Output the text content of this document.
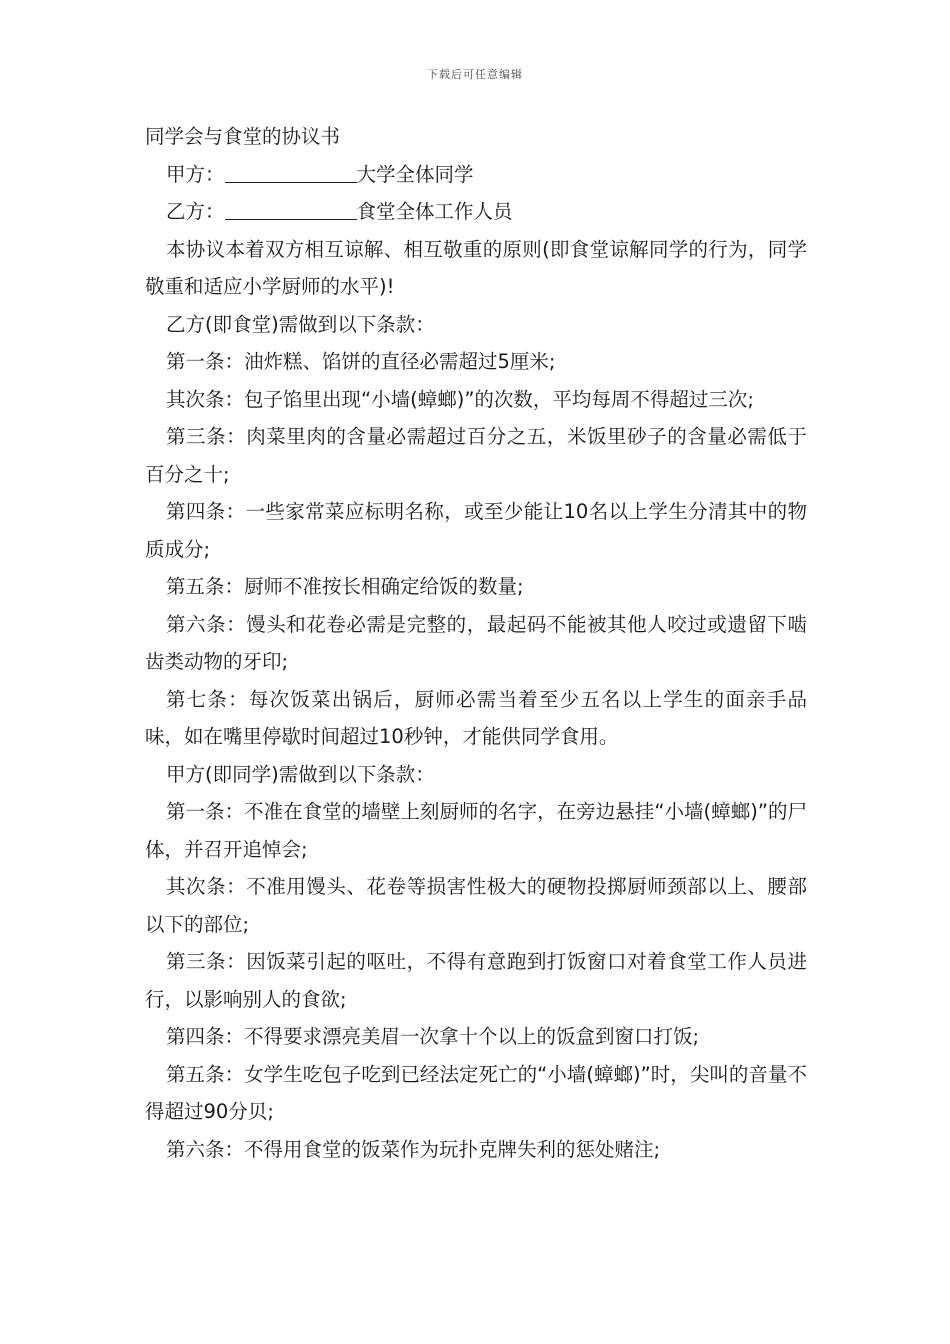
下载后可任意编辑

同学会与食堂的协议书

甲方：	大学全体同学

乙方：	食堂全体工作人员

本协议本着双方相互谅解、相互敬重的原则(即食堂谅解同学的行为，同学敬重和适应小学厨师的水平)!

乙方(即食堂)需做到以下条款：

第一条：油炸糕、馅饼的直径必需超过5厘米;

其次条：包子馅里出现“小墙(蟑螂)”的次数，平均每周不得超过三次;

第三条：肉菜里肉的含量必需超过百分之五，米饭里砂子的含量必需低于百分之十;

第四条：一些家常菜应标明名称，或至少能让10名以上学生分清其中的物质成分;

第五条：厨师不准按长相确定给饭的数量;

第六条：馒头和花卷必需是完整的，最起码不能被其他人咬过或遗留下啮齿类动物的牙印;

第七条：每次饭菜出锅后，厨师必需当着至少五名以上学生的面亲手品味，如在嘴里停歇时间超过10秒钟，才能供同学食用。

甲方(即同学)需做到以下条款：

第一条：不准在食堂的墙壁上刻厨师的名字，在旁边悬挂“小墙(蟑螂)”的尸体，并召开追悼会;

其次条：不准用馒头、花卷等损害性极大的硬物投掷厨师颈部以上、腰部以下的部位;

第三条：因饭菜引起的呕吐，不得有意跑到打饭窗口对着食堂工作人员进行，以影响别人的食欲;

第四条：不得要求漂亮美眉一次拿十个以上的饭盒到窗口打饭;

第五条：女学生吃包子吃到已经法定死亡的“小墙(蟑螂)”时，尖叫的音量不得超过90分贝;

第六条：不得用食堂的饭菜作为玩扑克牌失利的惩处赌注;
